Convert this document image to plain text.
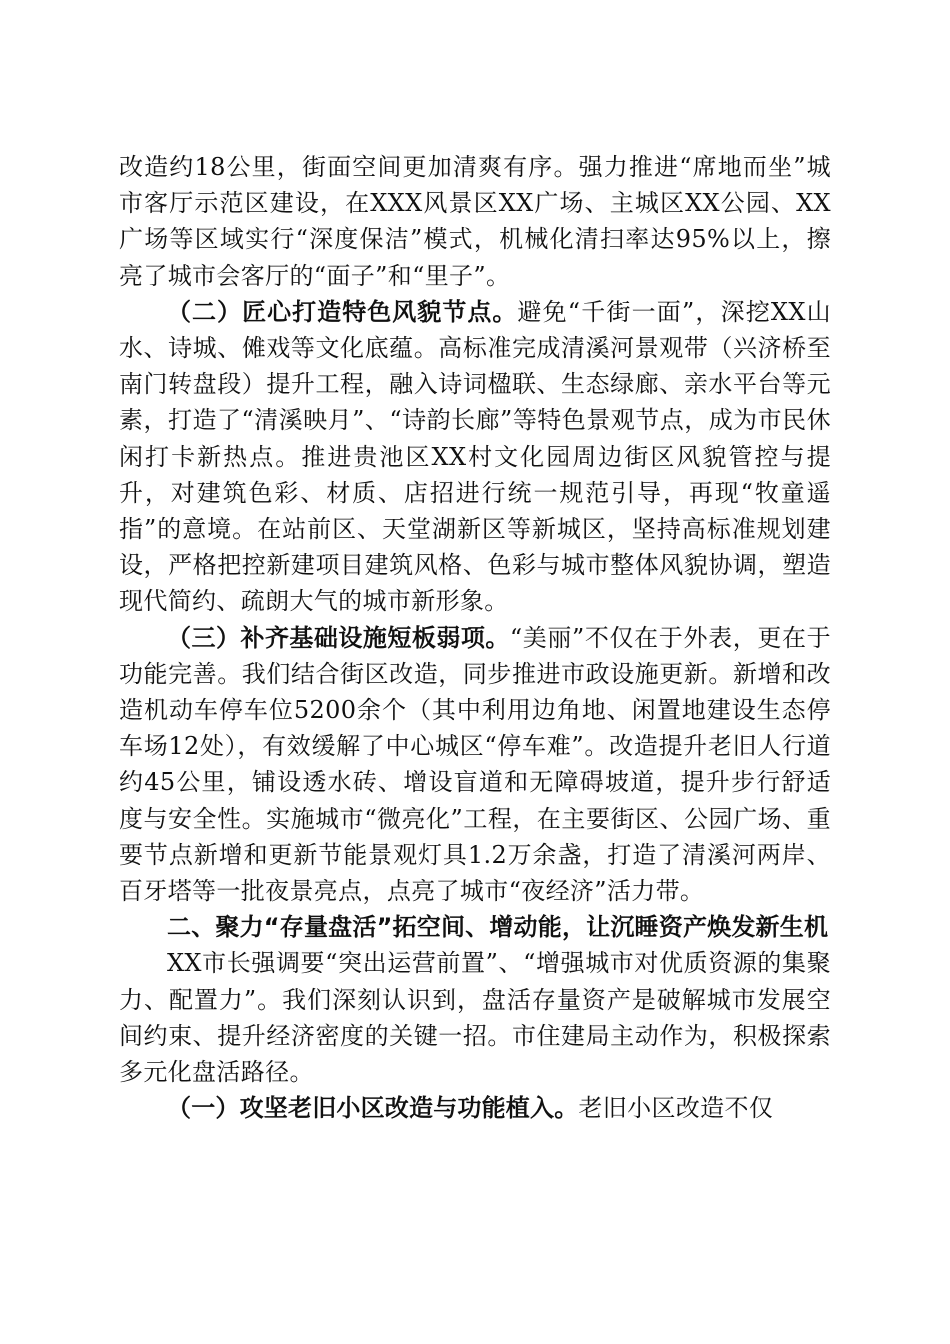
改造约18公里，街面空间更加清爽有序。强力推进“席地而坐”城市客厅示范区建设，在XXX风景区XX广场、主城区XX公园、XX广场等区域实行“深度保洁”模式，机械化清扫率达95%以上，擦亮了城市会客厅的“面子”和“里子”。

（二）匠心打造特色风貌节点。避免“千街一面”，深挖XX山水、诗城、傩戏等文化底蕴。高标准完成清溪河景观带（兴济桥至南门转盘段）提升工程，融入诗词楹联、生态绿廊、亲水平台等元素，打造了“清溪映月”、“诗韵长廊”等特色景观节点，成为市民休闲打卡新热点。推进贵池区XX村文化园周边街区风貌管控与提升，对建筑色彩、材质、店招进行统一规范引导，再现“牧童遥指”的意境。在站前区、天堂湖新区等新城区，坚持高标准规划建设，严格把控新建项目建筑风格、色彩与城市整体风貌协调，塑造现代简约、疏朗大气的城市新形象。

（三）补齐基础设施短板弱项。“美丽”不仅在于外表，更在于功能完善。我们结合街区改造，同步推进市政设施更新。新增和改造机动车停车位5200余个（其中利用边角地、闲置地建设生态停车场12处），有效缓解了中心城区“停车难”。改造提升老旧人行道约45公里，铺设透水砖、增设盲道和无障碍坡道，提升步行舒适度与安全性。实施城市“微亮化”工程，在主要街区、公园广场、重要节点新增和更新节能景观灯具1.2万余盏，打造了清溪河两岸、百牙塔等一批夜景亮点，点亮了城市“夜经济”活力带。

二、聚力“存量盘活”拓空间、增动能，让沉睡资产焕发新生机

XX市长强调要“突出运营前置”、“增强城市对优质资源的集聚力、配置力”。我们深刻认识到，盘活存量资产是破解城市发展空间约束、提升经济密度的关键一招。市住建局主动作为，积极探索多元化盘活路径。

（一）攻坚老旧小区改造与功能植入。老旧小区改造不仅
